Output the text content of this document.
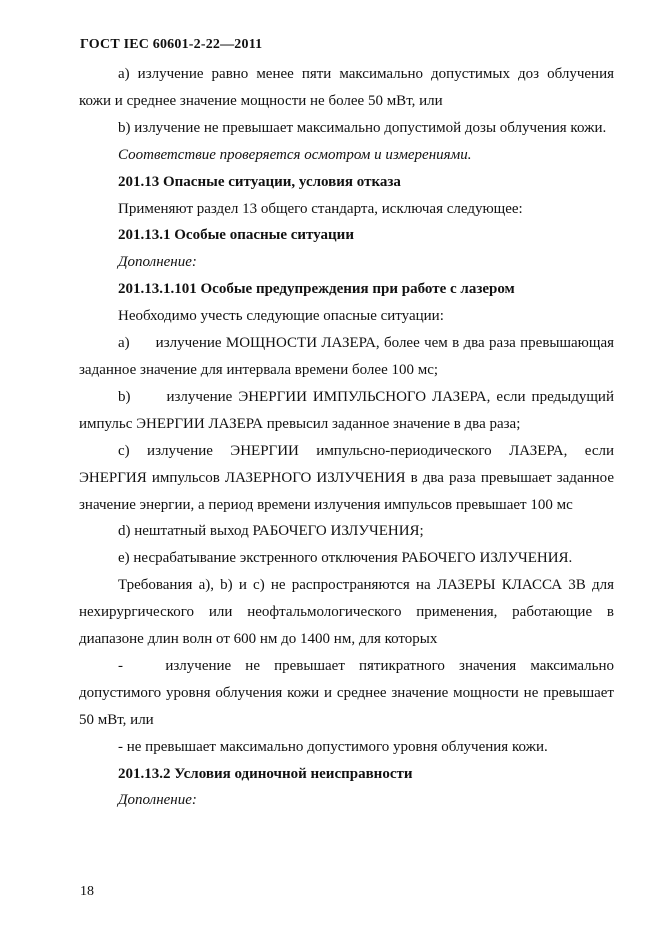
ГОСТ IEC 60601-2-22—2011

a) излучение равно менее пяти максимально допустимых доз облучения кожи и среднее значение мощности не более 50 мВт, или

b) излучение не превышает максимально допустимой дозы облучения кожи.

Соответствие проверяется осмотром и измерениями.

201.13 Опасные ситуации, условия отказа

Применяют раздел 13 общего стандарта, исключая следующее:

201.13.1 Особые опасные ситуации

Дополнение:

201.13.1.101 Особые предупреждения при работе с лазером

Необходимо учесть следующие опасные ситуации:

a)      излучение МОЩНОСТИ ЛАЗЕРА, более чем в два раза превышающая заданное значение для интервала времени более 100 мс;

b)      излучение ЭНЕРГИИ ИМПУЛЬСНОГО ЛАЗЕРА, если предыдущий импульс ЭНЕРГИИ ЛАЗЕРА превысил заданное значение в два раза;

c) излучение ЭНЕРГИИ импульсно-периодического ЛАЗЕРА, если ЭНЕРГИЯ импульсов ЛАЗЕРНОГО ИЗЛУЧЕНИЯ в два раза превышает заданное значение энергии, а период времени излучения импульсов превышает 100 мс

d) нештатный выход РАБОЧЕГО ИЗЛУЧЕНИЯ;

e) несрабатывание экстренного отключения РАБОЧЕГО ИЗЛУЧЕНИЯ.

Требования a), b) и c) не распространяются на ЛАЗЕРЫ КЛАССА 3B для нехирургического или неофтальмологического применения, работающие в диапазоне длин волн от 600 нм до 1400 нм, для которых

-   излучение не превышает пятикратного значения максимально допустимого уровня облучения кожи и среднее значение мощности не превышает 50 мВт, или

- не превышает максимально допустимого уровня облучения кожи.

201.13.2 Условия одиночной неисправности

Дополнение:

18
